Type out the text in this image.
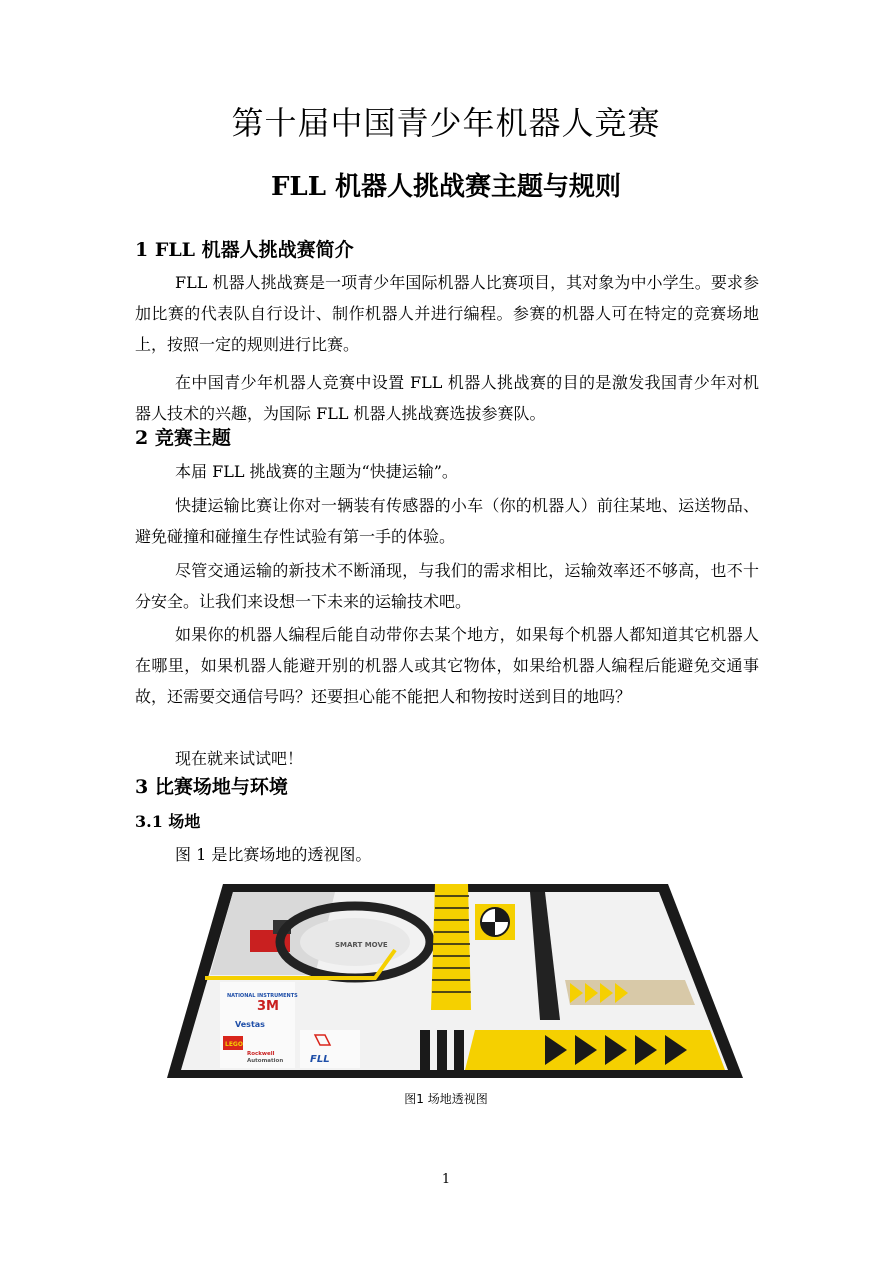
第十届中国青少年机器人竞赛
FLL 机器人挑战赛主题与规则
1 FLL 机器人挑战赛简介

FLL 机器人挑战赛是一项青少年国际机器人比赛项目，其对象为中小学生。要求参加比赛的代表队自行设计、制作机器人并进行编程。参赛的机器人可在特定的竞赛场地上，按照一定的规则进行比赛。

在中国青少年机器人竞赛中设置 FLL 机器人挑战赛的目的是激发我国青少年对机器人技术的兴趣，为国际 FLL 机器人挑战赛选拔参赛队。

2 竞赛主题

本届 FLL 挑战赛的主题为“快捷运输”。

快捷运输比赛让你对一辆装有传感器的小车（你的机器人）前往某地、运送物品、避免碰撞和碰撞生存性试验有第一手的体验。

尽管交通运输的新技术不断涌现，与我们的需求相比，运输效率还不够高，也不十分安全。让我们来设想一下未来的运输技术吧。

如果你的机器人编程后能自动带你去某个地方，如果每个机器人都知道其它机器人在哪里，如果机器人能避开别的机器人或其它物体，如果给机器人编程后能避免交通事故，还需要交通信号吗？还要担心能不能把人和物按时送到目的地吗？

现在就来试试吧！

3 比赛场地与环境
3.1 场地

图 1 是比赛场地的透视图。

SMART MOVE
NATIONAL INSTRUMENTS
3M
Vestas
LEGO
Rockwell
Automation	FLL
图1 场地透视图
1
